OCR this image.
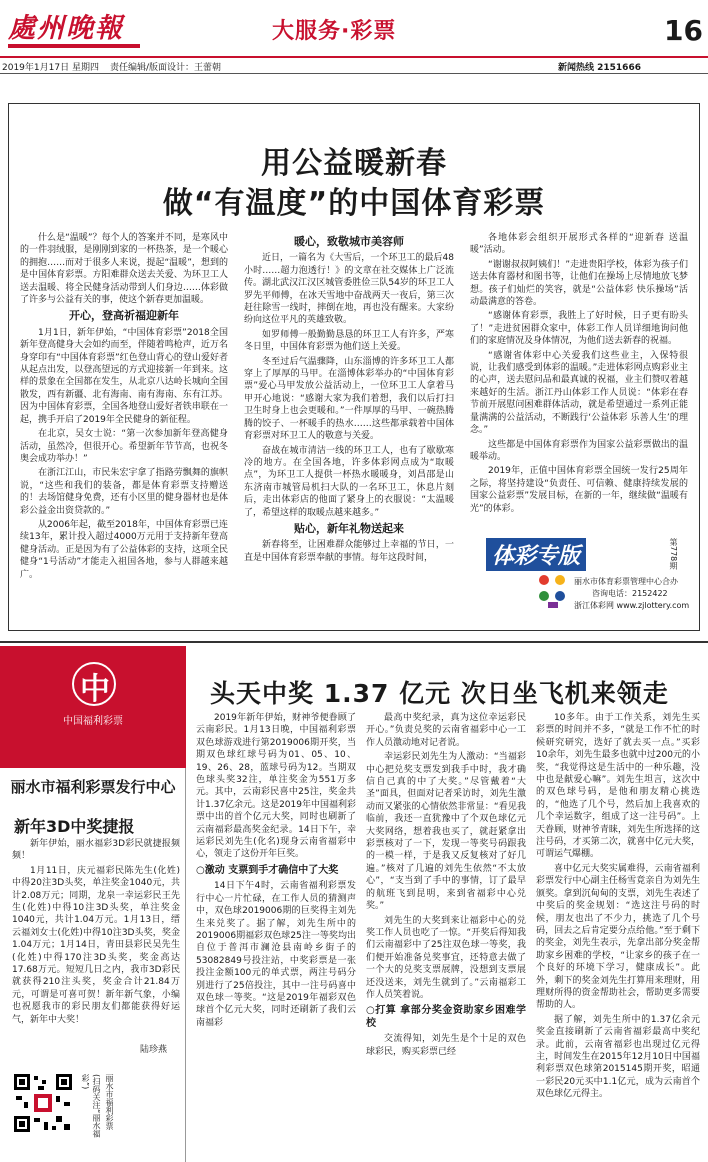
處州晚報	大服务·彩票	16
2019年1月17日 星期四 责任编辑/版面设计：王蕾朝	新闻热线 2151666
用公益暖新春
做“有温度”的中国体育彩票

什么是“温暖”？每个人的答案并不同，是寒风中的一件羽绒服，是刚刚到家的一杯热茶，是一个暖心的拥抱……而对于很多人来说，提起“温暖”，想到的是中国体育彩票。方阳难群众送去关爱、为环卫工人送去温暖、将全民健身活动带到人们身边……体彩做了许多与公益有关的事，使这个新春更加温暖。

开心，登高祈福迎新年

1月1日，新年伊始，“中国体育彩票”2018全国新年登高健身大会如约而至，伴随着鸣枪声，近万名身穿印有“中国体育彩票”红色登山背心的登山爱好者从起点出发，以登高望远的方式迎接新一年到来。这样的景象在全国都在发生，从北京八达岭长城向全国散发，西有新疆、北有海南、南有海南、东有江苏。因为中国体育彩票，全国各地登山爱好者铁串联在一起，携手开启了2019年全民健身的新征程。

在北京，吴女士说：“第一次参加新年登高健身活动，虽然冷，但很开心。希望新年节节高，也祝冬奥会成功举办！”

在浙江江山，市民朱宏宇拿了指路劳飘舞的旗帜说，“这些和我们的装备，都是体育彩票支持赠送的！去场馆健身免费，还有小区里的健身器材也是体彩公益金出资贷款的。”

从2006年起，截至2018年，中国体育彩票已连续13年，累计投入超过4000万元用于支持新年登高健身活动。正是因为有了公益体彩的支持，这项全民健身“1号活动”才能走入祖国各地，参与人群越来越广。

暖心，致敬城市美容师

近日，一篇名为《大雪后，一个环卫工的最后48小时……超力泡透行！》的文章在社交媒体上广泛流传。湖北武汉江汉区城管委胜俭三队54岁的环卫工人罗先平师傅，在冰天雪地中奋战两天一夜后，第三次赶往除雪一线时，摔倒在地，再也没有醒来。大家纷纷向这位平凡的英雄致敬。

如罗师傅一般勤勤恳恳的环卫工人有许多，严寒冬日里，中国体育彩票为他们送上关爱。

冬至过后气温骤降，山东淄博的许多环卫工人都穿上了厚厚的马甲。在淄博体彩举办的“中国体育彩票”爱心马甲发放公益活动上，一位环卫工人拿着马甲开心地说：“感谢大家为我们着想，我们以后打扫卫生时身上也会更暖和。”一件厚厚的马甲、一碗热腾腾的饺子、一杯暖手的热水……这些都承载着中国体育彩票对环卫工人的敬意与关爱。

奋战在城市清洁一线的环卫工人，也有了歇歇寒冷的地方。在全国各地，许多体彩网点成为“取暖点”，为环卫工人提供一杯热水暖暖身，刘昌邵是山东济南市城管局机扫大队的一名环卫工，休息片刻后，走出体彩店的他面了紧身上的衣服说：“太温暖了，希望这样的取暖点越来越多。”

贴心，新年礼物送起来

新春将至，让困难群众能够过上幸福的节日，一直是中国体育彩票奉献的事情。每年这段时间，

各地体彩会组织开展形式各样的“迎新春 送温暖”活动。

“谢谢叔叔阿姨们！”走进贵阳学校，体彩为孩子们送去体育器材和图书等，让他们在操场上尽情地放飞梦想。孩子们灿烂的笑容，就是“公益体彩 快乐操场”活动最满意的答卷。

“感谢体育彩票，我胜上了好时候，日子更有盼头了！”走进贫困群众家中，体彩工作人员详细地询问他们的家庭情况及身体情况，为他们送去新春的祝福。

“感谢省体彩中心关爱我们这些业主，入保特很说，让我们感受到体彩的温暖。”走进体彩网点购彩业主的心声，送去慰问品和最真诚的祝福，业主们赞叹着越来越好的生活。浙江丹山体彩工作人员说：“体彩在春节前开展慰问困难群体活动，就是希望通过一系列正能量满满的公益活动，不断践行‘公益体彩 乐善人生’的理念。”

这些都是中国体育彩票作为国家公益彩票做出的温暖举动。

2019年，正值中国体育彩票全国统一发行25周年之际，将坚持建设“负责任、可信赖、健康持续发展的国家公益彩票”发展目标，在新的一年，继续做“温暖有光”的体彩。

体彩专版	第778期
丽水市体育彩票管理中心合办
咨询电话：2152422
浙江体彩网 www.zjlottery.com
中
中国福利彩票
丽水市福利彩票发行中心
新年3D中奖捷报

新年伊始，丽水福彩3D彩民就捷报频频！

1月11日，庆元福彩民陈先生(化姓)中得20注3D头奖，单注奖金1040元，共计2.08万元；同期，龙泉一幸运彩民王先生(化姓)中得10注3D头奖，单注奖金1040元，共计1.04万元。1月13日，缙云福刘女士(化姓)中得10注3D头奖，奖金1.04万元；1月14日，青田县彩民吴先生(化姓)中得170注3D头奖，奖金高达17.68万元。短短几日之内，我市3D彩民就获得210注头奖，奖金合计21.84万元，可谓是可喜可贺！新年新气象，小编也祝愿我市的彩民朋友们都能获得好运气，新年中大奖！

陆珍燕
(扫码关注“丽水福彩”)	丽水市福利彩票
头天中奖 1.37 亿元 次日坐飞机来领走

2019年新年伊始，财神爷便眷顾了云南彩民。1月13日晚，中国福利彩票双色球游戏进行第2019006期开奖，当期双色球红球号码为01、05、10、19、26、28，蓝球号码为12。当期双色球头奖32注，单注奖金为551万多元。其中，云南彩民喜中25注，奖金共计1.37亿余元。这是2019年中国福利彩票中出的首个亿元大奖，同时也刷新了云南福彩最高奖金纪录。14日下午，幸运彩民刘先生(化名)现身云南省福彩中心，领走了这份开年巨奖。

○激动 支票到手才确信中了大奖

14日下午4时，云南省福利彩票发行中心一片忙碌，在工作人员的猜测声中，双色球2019006期的巨奖得主刘先生来兑奖了。据了解，刘先生所中的2019006期福彩双色球25注一等奖均出自位于普洱市澜沧县南岭乡街子的53082849号投注站，中奖彩票是一张投注金额100元的单式票，两注号码分别进行了25倍投注，其中一注号码喜中双色球一等奖。“这是2019年福彩双色球首个亿元大奖，同时还刷新了我们云南福彩

最高中奖纪录，真为这位幸运彩民开心。”负责兑奖的云南省福彩中心一工作人员激动地对记者说。

幸运彩民刘先生为人激动：“当福彩中心把兑奖支票发到我手中时，我才确信自己真的中了大奖。”尽管戴着“大圣”面具，但面对记者采访时，刘先生激动而又紧张的心情依然非常显：“看见我临前，我还一直犹豫中了个双色球亿元大奖网络，想着我也买了，就赶紧拿出彩票核对了一下，发现一等奖号码跟我的一模一样，于是我又反复核对了好几遍。”核对了几遍的刘先生依然“不太放心”，“支当到了手中的事情，订了最早的航班飞到昆明，来到省福彩中心兑奖。”

刘先生的大奖到来让福彩中心的兑奖工作人员也吃了一惊。“开奖后得知我们云南福彩中了25注双色球一等奖，我们便开始准备兑奖事宜，还特意去做了一个大的兑奖支票展牌，没想到支票展还没送来，刘先生就到了。”云南福彩工作人员笑着说。

○打算 拿部分奖金资助家乡困难学校

交流得知，刘先生是个十足的双色球彩民，购买彩票已经

10多年。由于工作关系，刘先生买彩票的时间并不多，“就是工作不忙的时候研究研究，选好了就去买一点。”买彩10余年，刘先生最多也就中过200元的小奖，“我觉得这是生活中的一种乐趣，没中也是献爱心嘛”。刘先生坦言，这次中的双色球号码，是他和朋友精心挑选的，“他选了几个号，然后加上我喜欢的几个幸运数字，组成了这一注号码”。上天眷顾，财神爷青睐，刘先生所选择的这注号码，才买第二次，就喜中亿元大奖，可谓运气爆棚。

喜中亿元大奖实属难得，云南省福利彩票发行中心副主任杨雪竟亲自为刘先生颁奖。拿到沉甸甸的支票，刘先生表述了中奖后的奖金规划：“选这注号码的时候，朋友也出了不少力，挑选了几个号码，回去之后肯定要分点给他。”至于剩下的奖金，刘先生表示，先拿出部分奖金帮助家乡困难的学校，“让家乡的孩子在一个良好的环境下学习，健康成长”。此外，剩下的奖金刘先生打算用来理财，用理财所得的资金帮助社会，帮助更多需要帮助的人。

据了解，刘先生所中的1.37亿余元奖金直接刷新了云南省福彩最高中奖纪录。此前，云南省福彩也出现过亿元得主，时间发生在2015年12月10日中国福利彩票双色球第2015145期开奖，昭通一彩民20元买中1.1亿元，成为云南首个双色球亿元得主。
